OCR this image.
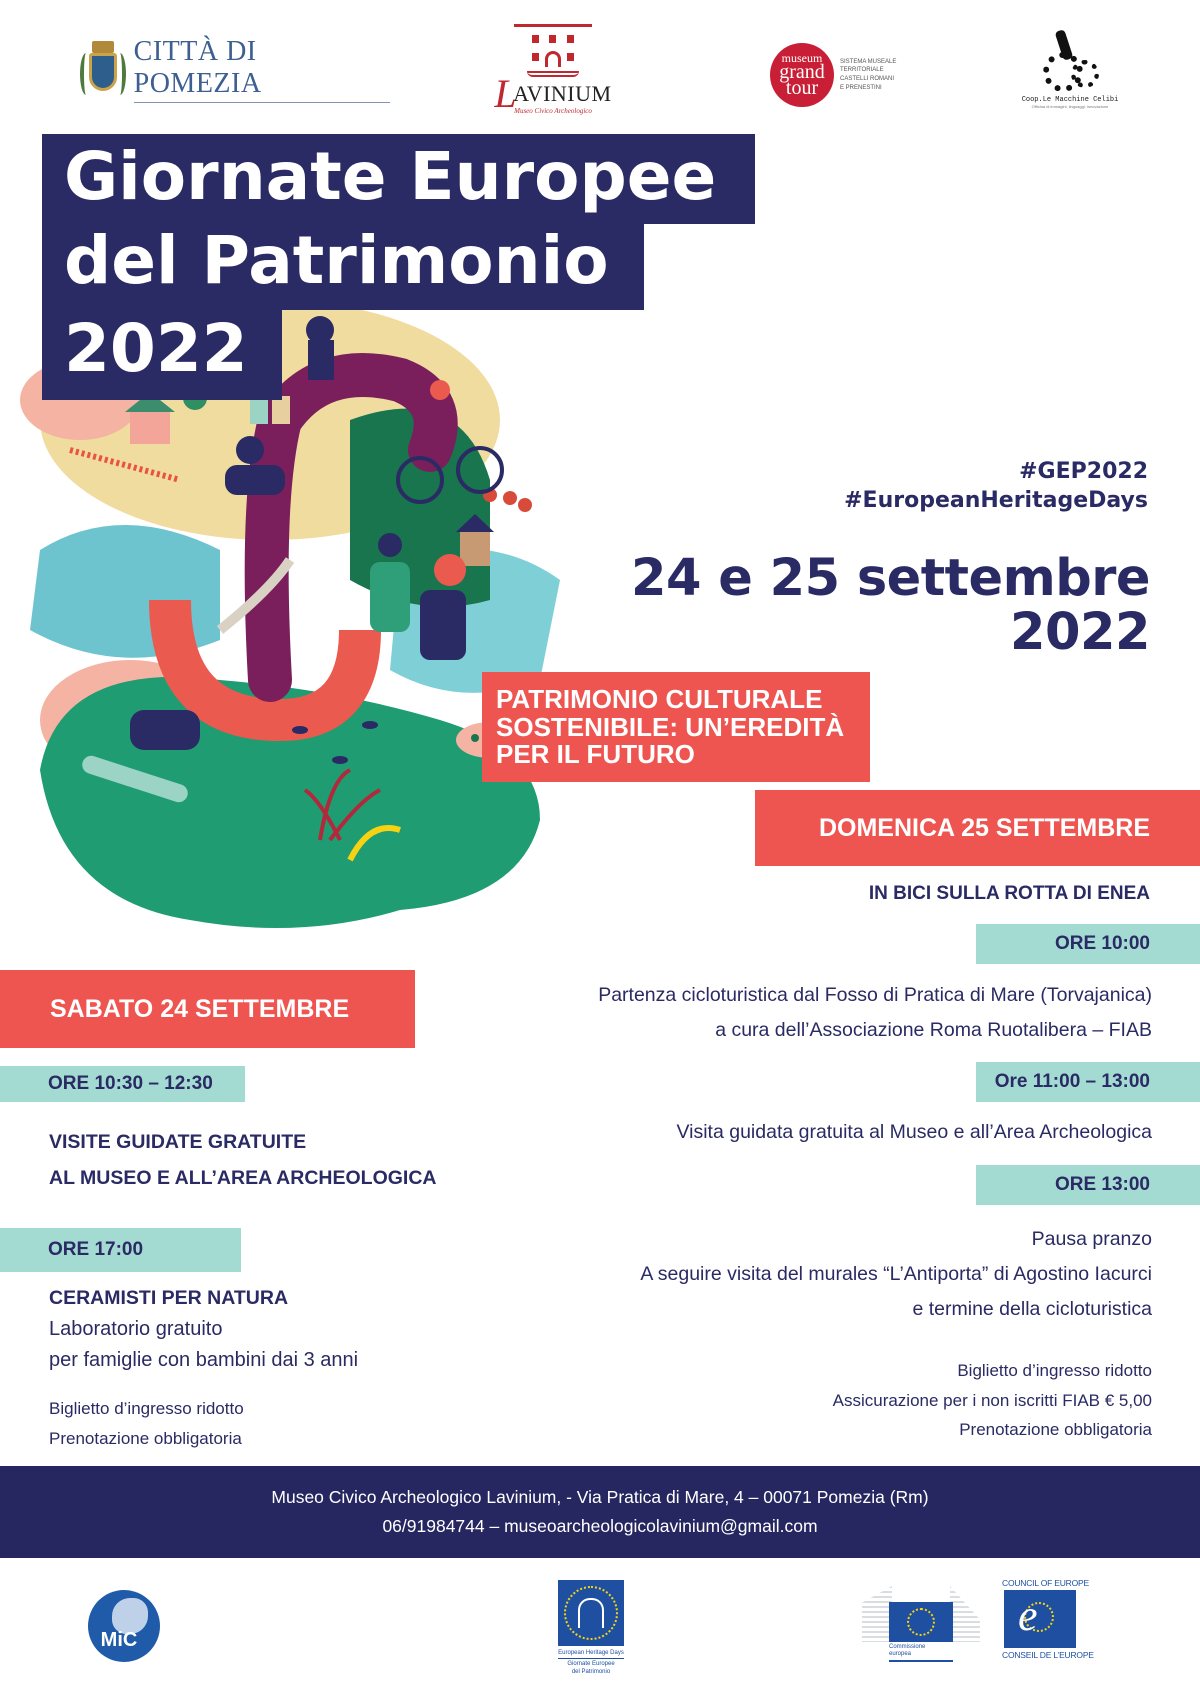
CITTÀ DI POMEZIA	LAVINIUM
Museo Civico Archeologico
museum
grand
tour
SISTEMA MUSEALE
TERRITORIALE
CASTELLI ROMANI
E PRENESTINI
Coop.Le Macchine Celibi
Officina di immagini, linguaggi, innovazione
Giornate Europee
del Patrimonio
2022
#GEP2022
#EuropeanHeritageDays
24 e 25 settembre
2022
PATRIMONIO CULTURALE
SOSTENIBILE: UN’EREDITÀ
PER IL FUTURO
DOMENICA 25 SETTEMBRE
IN BICI SULLA ROTTA DI ENEA
ORE 10:00
Partenza cicloturistica dal Fosso di Pratica di Mare (Torvajanica)
a cura dell’Associazione Roma Ruotalibera – FIAB
Ore 11:00 – 13:00
Visita guidata gratuita al Museo e all’Area Archeologica
ORE 13:00
Pausa pranzo
A seguire visita del murales “L’Antiporta” di Agostino Iacurci
e termine della cicloturistica
Biglietto d’ingresso ridotto
Assicurazione per i non iscritti FIAB € 5,00
Prenotazione obbligatoria
SABATO 24 SETTEMBRE
ORE 10:30 – 12:30
VISITE GUIDATE GRATUITE
AL MUSEO E ALL’AREA ARCHEOLOGICA
ORE 17:00
CERAMISTI PER NATURA
Laboratorio gratuito
per famiglie con bambini dai 3 anni
Biglietto d’ingresso ridotto
Prenotazione obbligatoria
Museo Civico Archeologico Lavinium, - Via Pratica di Mare, 4 – 00071 Pomezia (Rm)
06/91984744 – museoarcheologicolavinium@gmail.com
MiC
European Heritage Days
Giornate Europee
del Patrimonio
Commissione
europea
COUNCIL OF EUROPE
e
CONSEIL DE L’EUROPE
